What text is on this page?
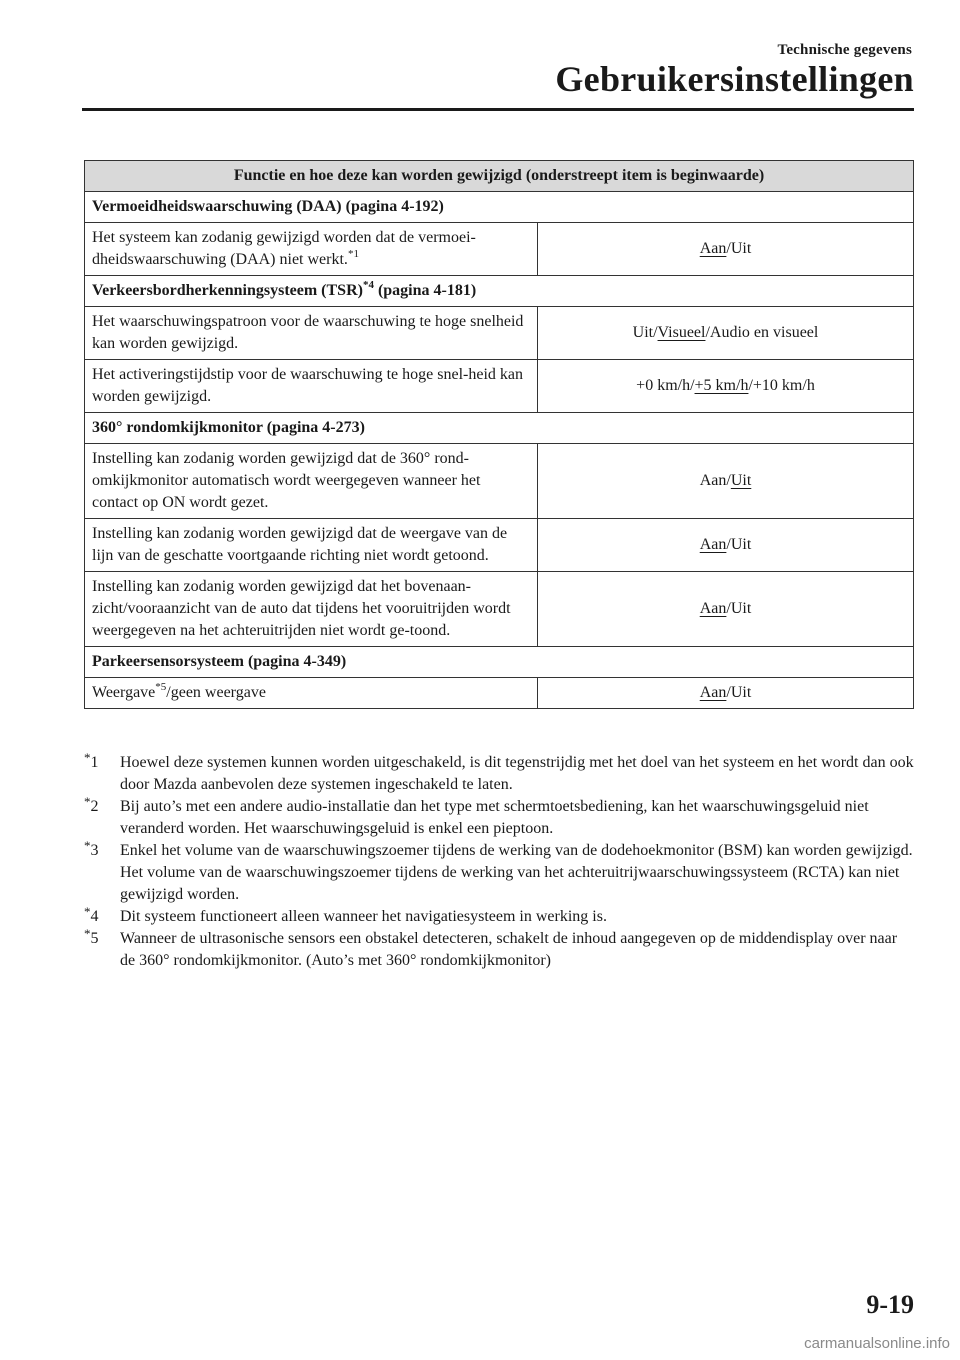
Technische gegevens
Gebruikersinstellingen
Functie en hoe deze kan worden gewijzigd (onderstreept item is beginwaarde)	
Vermoeidheidswaarschuwing (DAA) (pagina 4-192)	
Het systeem kan zodanig gewijzigd worden dat de vermoei-dheidswaarschuwing (DAA) niet werkt.$^{*1}$	Aan/Uit
Verkeersbordherkenningsysteem (TSR)$^{*4}$ (pagina 4-181)	
Het waarschuwingspatroon voor de waarschuwing te hoge snelheid kan worden gewijzigd.	Uit/Visueel/Audio en visueel
Het activeringstijdstip voor de waarschuwing te hoge snel-heid kan worden gewijzigd.	+0 km/h/+5 km/h/+10 km/h
360° rondomkijkmonitor (pagina 4-273)	
Instelling kan zodanig worden gewijzigd dat de 360° rond-omkijkmonitor automatisch wordt weergegeven wanneer het contact op ON wordt gezet.	Aan/Uit
Instelling kan zodanig worden gewijzigd dat de weergave van de lijn van de geschatte voortgaande richting niet wordt getoond.	Aan/Uit
Instelling kan zodanig worden gewijzigd dat het bovenaan-zicht/vooraanzicht van de auto dat tijdens het vooruitrijden wordt weergegeven na het achteruitrijden niet wordt ge-toond.	Aan/Uit
Parkeersensorsysteem (pagina 4-349)	
Weergave$^{*5}$/geen weergave	Aan/Uit
*1	Hoewel deze systemen kunnen worden uitgeschakeld, is dit tegenstrijdig met het doel van het systeem en het wordt dan ook door Mazda aanbevolen deze systemen ingeschakeld te laten.
*2	Bij auto’s met een andere audio-installatie dan het type met schermtoetsbediening, kan het waarschuwingsgeluid niet veranderd worden. Het waarschuwingsgeluid is enkel een pieptoon.
*3	Enkel het volume van de waarschuwingszoemer tijdens de werking van de dodehoekmonitor (BSM) kan worden gewijzigd. Het volume van de waarschuwingszoemer tijdens de werking van het achteruitrijwaarschuwingssysteem (RCTA) kan niet gewijzigd worden.
*4	Dit systeem functioneert alleen wanneer het navigatiesysteem in werking is.
*5	Wanneer de ultrasonische sensors een obstakel detecteren, schakelt de inhoud aangegeven op de middendisplay over naar de 360° rondomkijkmonitor. (Auto’s met 360° rondomkijkmonitor)
9-19
carmanualsonline.info
